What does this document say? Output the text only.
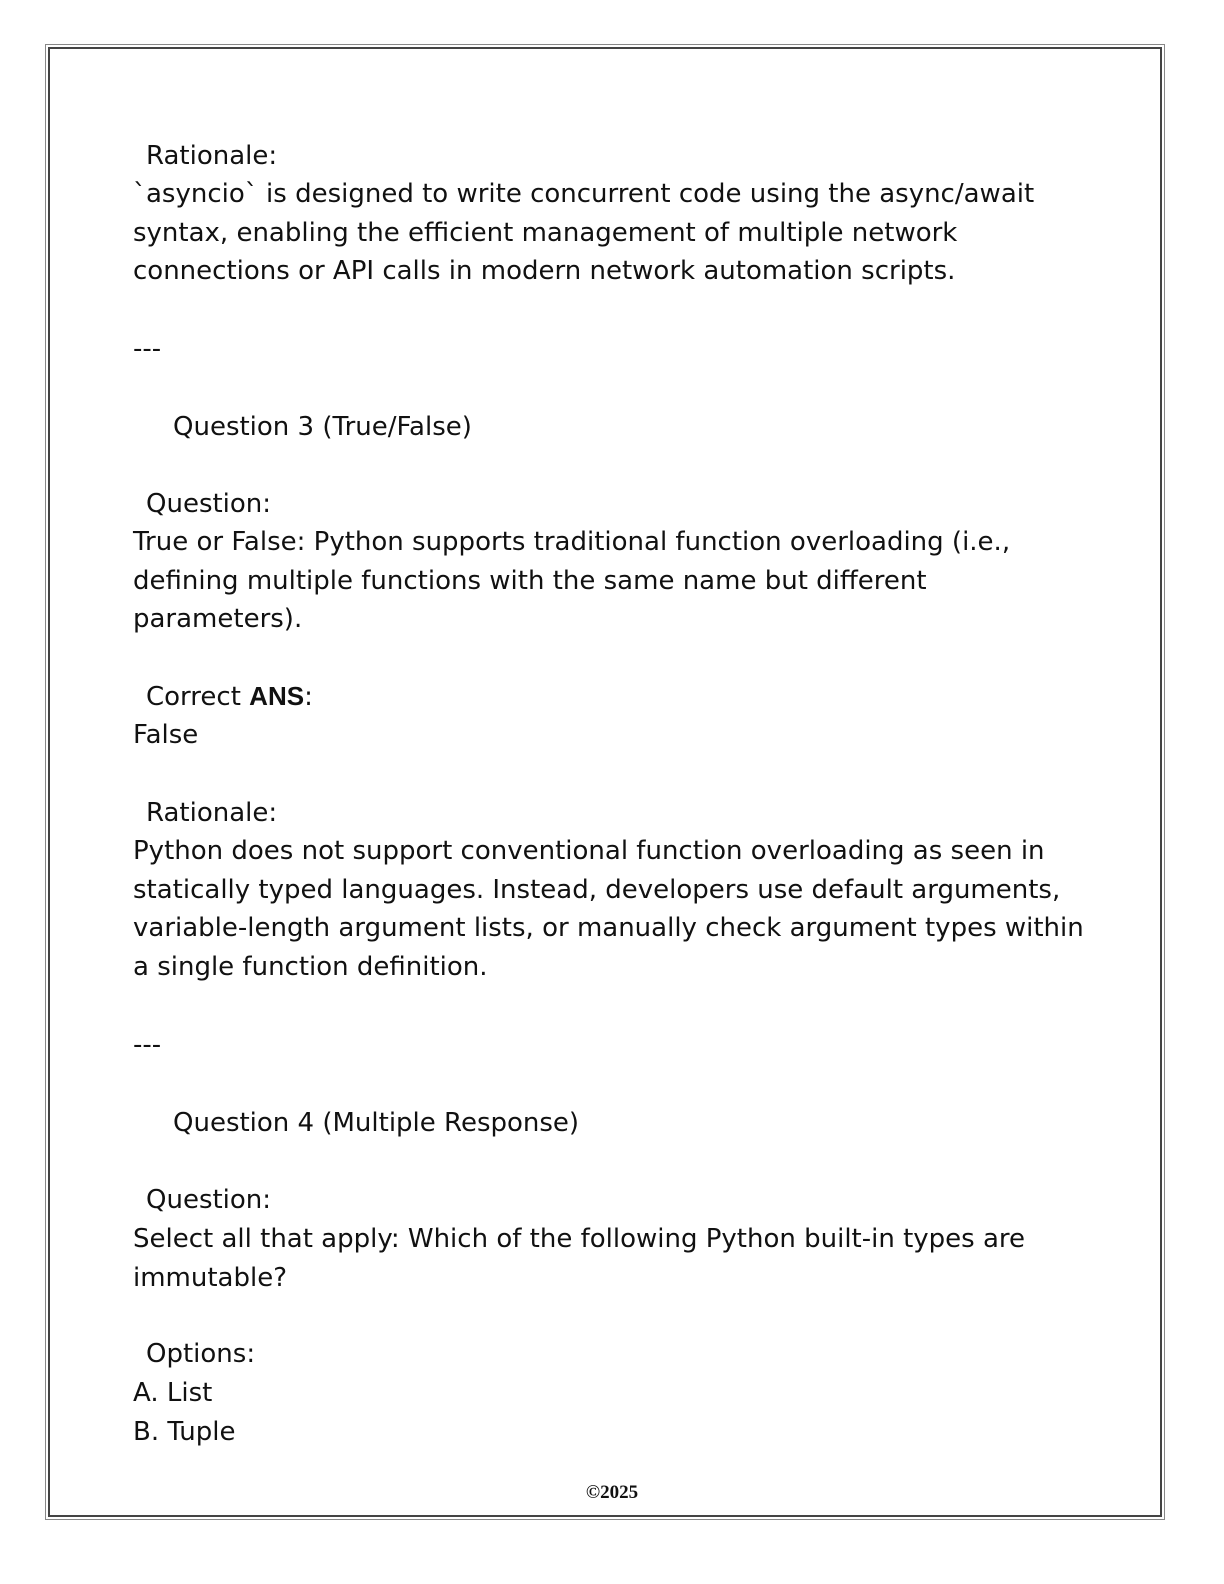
Rationale:
`asyncio` is designed to write concurrent code using the async/await
syntax, enabling the efficient management of multiple network
connections or API calls in modern network automation scripts.
---
Question 3 (True/False)
Question:
True or False: Python supports traditional function overloading (i.e.,
defining multiple functions with the same name but different
parameters).
Correct ANS:
False
Rationale:
Python does not support conventional function overloading as seen in
statically typed languages. Instead, developers use default arguments,
variable-length argument lists, or manually check argument types within
a single function definition.
---
Question 4 (Multiple Response)
Question:
Select all that apply: Which of the following Python built-in types are
immutable?
Options:
A. List
B. Tuple
©2025
